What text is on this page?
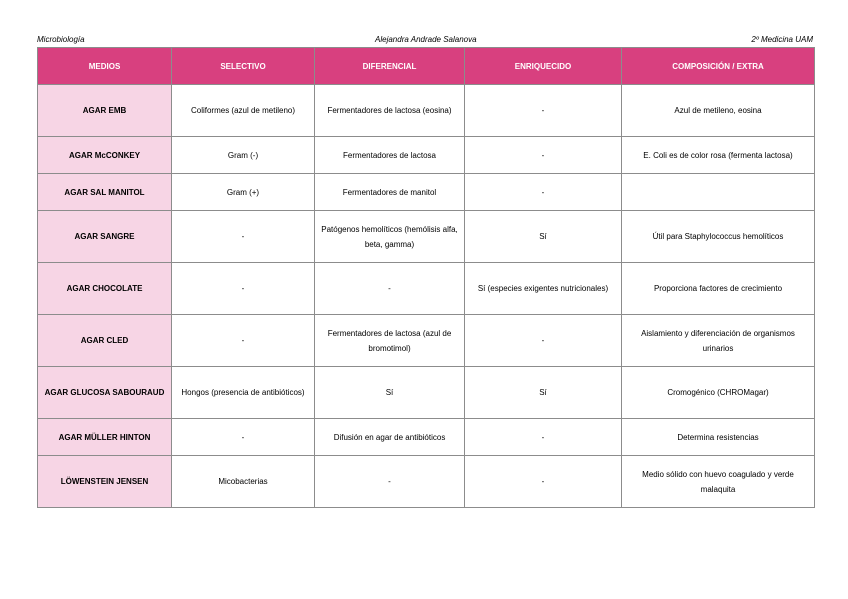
Microbiología	Alejandra Andrade Salanova	2º Medicina UAM
MEDIOS	SELECTIVO	DIFERENCIAL	ENRIQUECIDO	COMPOSICIÓN / EXTRA
AGAR EMB	Coliformes (azul de metileno)	Fermentadores de lactosa (eosina)	-	Azul de metileno, eosina
AGAR McCONKEY	Gram (-)	Fermentadores de lactosa	-	E. Coli es de color rosa (fermenta lactosa)
AGAR SAL MANITOL	Gram (+)	Fermentadores de manitol	-	
AGAR SANGRE	-	Patógenos hemolíticos (hemólisis alfa, beta, gamma)	Sí	Útil para Staphylococcus hemolíticos
AGAR CHOCOLATE	-	-	Sí (especies exigentes nutricionales)	Proporciona factores de crecimiento
AGAR CLED	-	Fermentadores de lactosa (azul de bromotimol)	-	Aislamiento y diferenciación de organismos urinarios
AGAR GLUCOSA SABOURAUD	Hongos (presencia de antibióticos)	Sí	Sí	Cromogénico (CHROMagar)
AGAR MÜLLER HINTON	-	Difusión en agar de antibióticos	-	Determina resistencias
LÖWENSTEIN JENSEN	Micobacterias	-	-	Medio sólido con huevo coagulado y verde malaquita
